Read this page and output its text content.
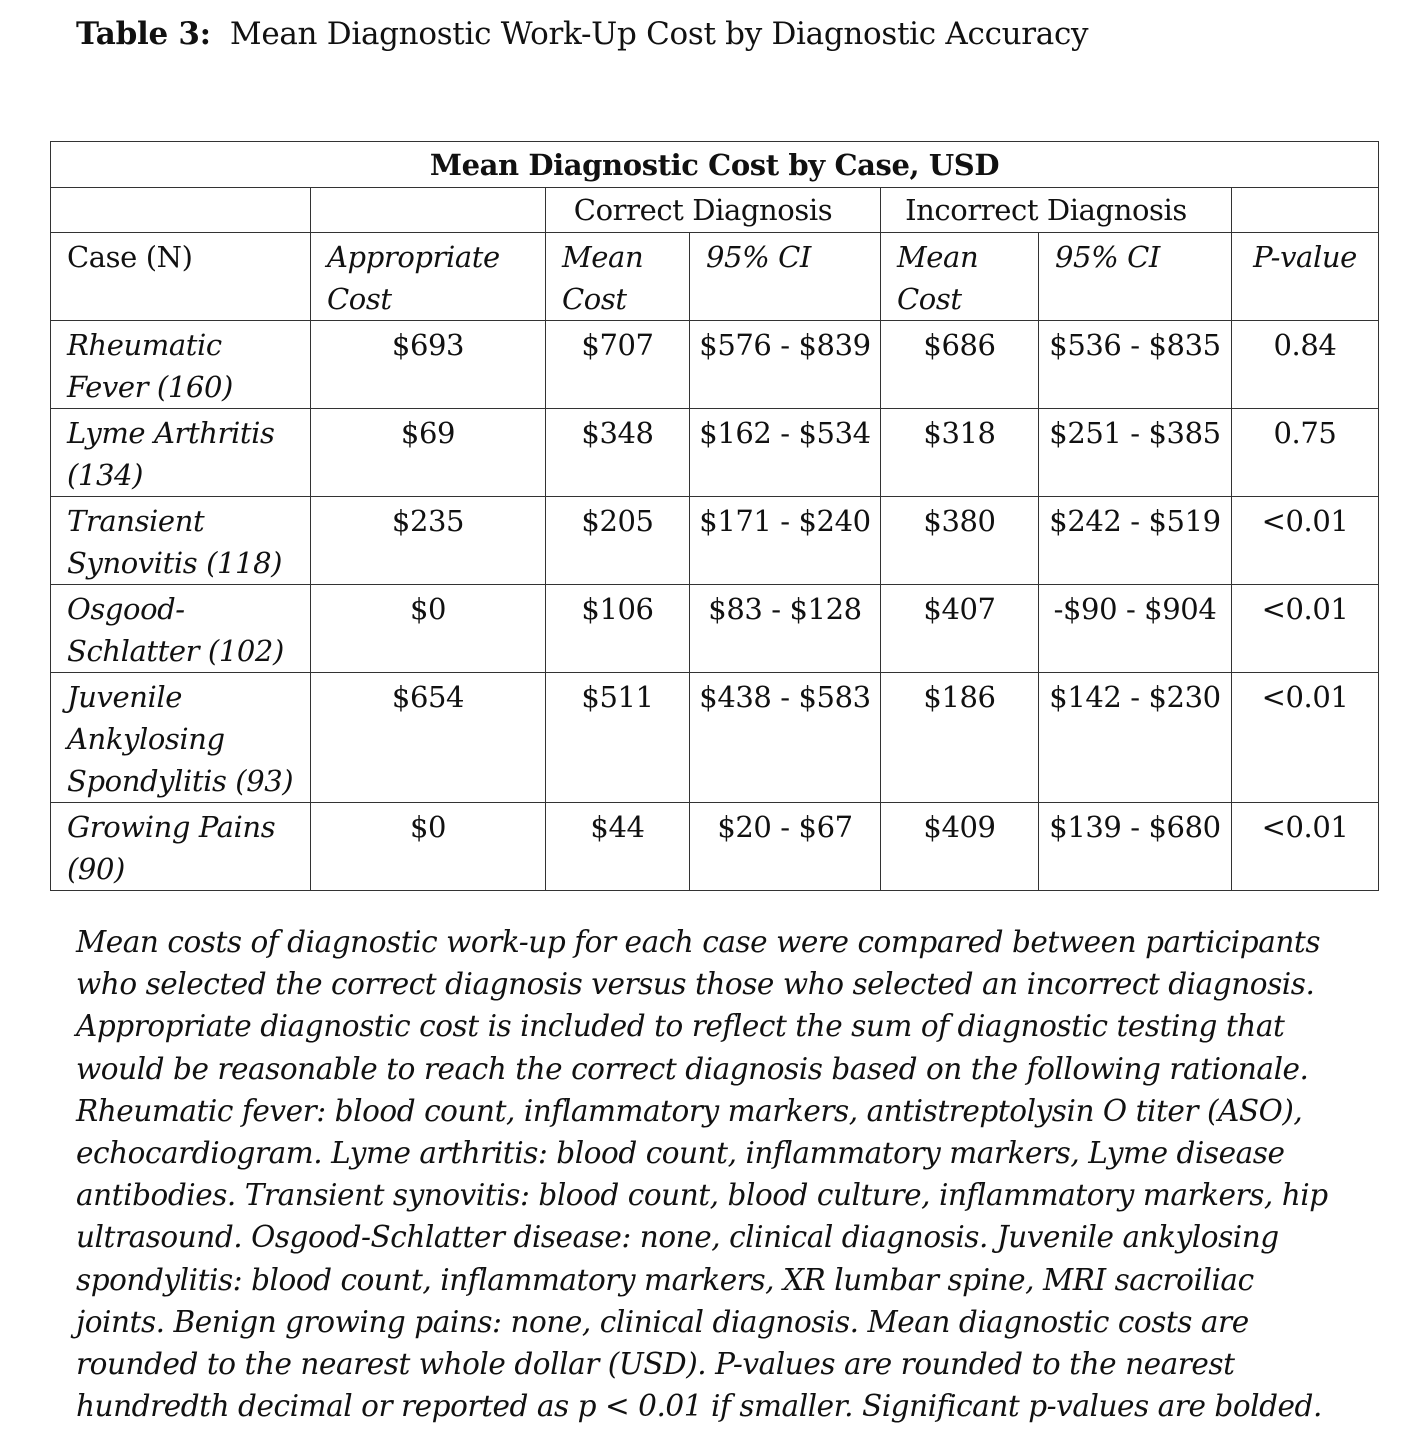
Table 3: Mean Diagnostic Work-Up Cost by Diagnostic Accuracy
Mean Diagnostic Cost by Case, USD						
		Correct Diagnosis		Incorrect Diagnosis		
Case (N)	Appropriate Cost	Mean Cost	95% CI	Mean Cost	95% CI	P-value
Rheumatic Fever (160)	$693	$707	$576 - $839	$686	$536 - $835	0.84
Lyme Arthritis (134)	$69	$348	$162 - $534	$318	$251 - $385	0.75
Transient Synovitis (118)	$235	$205	$171 - $240	$380	$242 - $519	<0.01
Osgood-Schlatter (102)	$0	$106	$83 - $128	$407	-$90 - $904	<0.01
Juvenile Ankylosing Spondylitis (93)	$654	$511	$438 - $583	$186	$142 - $230	<0.01
Growing Pains (90)	$0	$44	$20 - $67	$409	$139 - $680	<0.01
Mean costs of diagnostic work-up for each case were compared between participants who selected the correct diagnosis versus those who selected an incorrect diagnosis. Appropriate diagnostic cost is included to reflect the sum of diagnostic testing that would be reasonable to reach the correct diagnosis based on the following rationale. Rheumatic fever: blood count, inflammatory markers, antistreptolysin O titer (ASO), echocardiogram. Lyme arthritis: blood count, inflammatory markers, Lyme disease antibodies. Transient synovitis: blood count, blood culture, inflammatory markers, hip ultrasound. Osgood-Schlatter disease: none, clinical diagnosis. Juvenile ankylosing spondylitis: blood count, inflammatory markers, XR lumbar spine, MRI sacroiliac joints. Benign growing pains: none, clinical diagnosis. Mean diagnostic costs are rounded to the nearest whole dollar (USD). P-values are rounded to the nearest hundredth decimal or reported as p < 0.01 if smaller. Significant p-values are bolded.
